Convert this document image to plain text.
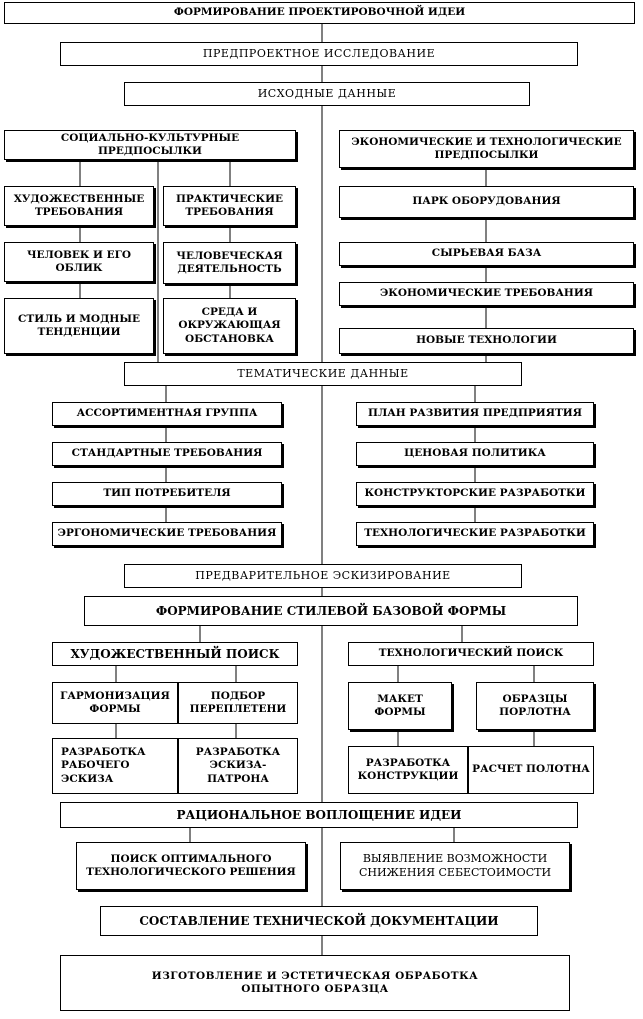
ФОРМИРОВАНИЕ ПРОЕКТИРОВОЧНОЙ ИДЕИ
ПРЕДПРОЕКТНОЕ ИССЛЕДОВАНИЕ
ИСХОДНЫЕ ДАННЫЕ
СОЦИАЛЬНО-КУЛЬТУРНЫЕ ПРЕДПОСЫЛКИ
ЭКОНОМИЧЕСКИЕ И ТЕХНОЛОГИЧЕСКИЕ ПРЕДПОСЫЛКИ
ХУДОЖЕСТВЕННЫЕ ТРЕБОВАНИЯ
ПРАКТИЧЕСКИЕ ТРЕБОВАНИЯ
ПАРК ОБОРУДОВАНИЯ
ЧЕЛОВЕК И ЕГО ОБЛИК
ЧЕЛОВЕЧЕСКАЯ ДЕЯТЕЛЬНОСТЬ
СЫРЬЕВАЯ БАЗА
ЭКОНОМИЧЕСКИЕ ТРЕБОВАНИЯ
СТИЛЬ И МОДНЫЕ ТЕНДЕНЦИИ
СРЕДА И ОКРУЖАЮЩАЯ ОБСТАНОВКА	НОВЫЕ ТЕХНОЛОГИИ
ТЕМАТИЧЕСКИЕ ДАННЫЕ
АССОРТИМЕНТНАЯ ГРУППА	ПЛАН РАЗВИТИЯ ПРЕДПРИЯТИЯ
СТАНДАРТНЫЕ ТРЕБОВАНИЯ	ЦЕНОВАЯ ПОЛИТИКА
ТИП ПОТРЕБИТЕЛЯ	КОНСТРУКТОРСКИЕ РАЗРАБОТКИ
ЭРГОНОМИЧЕСКИЕ ТРЕБОВАНИЯ	ТЕХНОЛОГИЧЕСКИЕ РАЗРАБОТКИ
ПРЕДВАРИТЕЛЬНОЕ ЭСКИЗИРОВАНИЕ
ФОРМИРОВАНИЕ СТИЛЕВОЙ БАЗОВОЙ ФОРМЫ
ХУДОЖЕСТВЕННЫЙ ПОИСК	ТЕХНОЛОГИЧЕСКИЙ ПОИСК
ГАРМОНИЗАЦИЯ ФОРМЫ
ПОДБОР ПЕРЕПЛЕТЕНИ
МАКЕТ ФОРМЫ
ОБРАЗЦЫ ПОРЛОТНА
РАЗРАБОТКА РАБОЧЕГО ЭСКИЗА
РАЗРАБОТКА ЭСКИЗА-ПАТРОНА
РАЗРАБОТКА КОНСТРУКЦИИ
РАСЧЕТ ПОЛОТНА
РАЦИОНАЛЬНОЕ ВОПЛОЩЕНИЕ ИДЕИ
ПОИСК ОПТИМАЛЬНОГО ТЕХНОЛОГИЧЕСКОГО РЕШЕНИЯ
ВЫЯВЛЕНИЕ ВОЗМОЖНОСТИ СНИЖЕНИЯ СЕБЕСТОИМОСТИ
СОСТАВЛЕНИЕ ТЕХНИЧЕСКОЙ ДОКУМЕНТАЦИИ
ИЗГОТОВЛЕНИЕ И ЭСТЕТИЧЕСКАЯ ОБРАБОТКА ОПЫТНОГО ОБРАЗЦА
